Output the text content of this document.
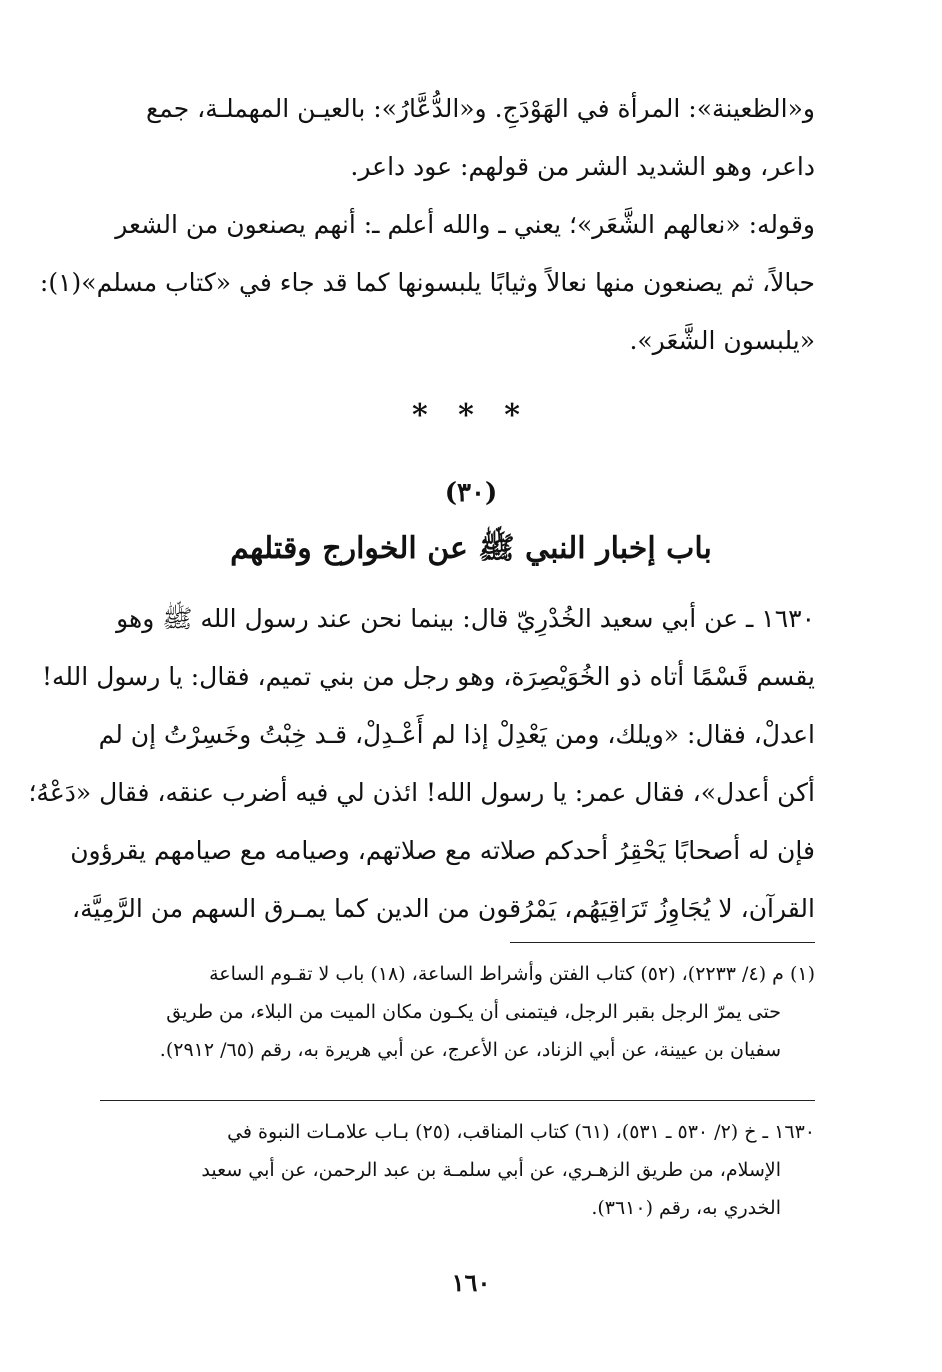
و«الظعينة»: المرأة في الهَوْدَجِ. و«الدُّعَّارُ»: بالعيـن المهملـة، جمع
داعر، وهو الشديد الشر من قولهم: عود داعر.
وقوله: «نعالهم الشَّعَر»؛ يعني ـ والله أعلم ـ: أنهم يصنعون من الشعر
حبالاً، ثم يصنعون منها نعالاً وثيابًا يلبسونها كما قد جاء في «كتاب مسلم»(١):
«يلبسون الشَّعَر».
* * *
(٣٠)
باب إخبار النبي ﷺ عن الخوارج وقتلهم
١٦٣٠ ـ عن أبي سعيد الخُدْرِيّ قال: بينما نحن عند رسول الله ﷺ وهو
يقسم قَسْمًا أتاه ذو الخُوَيْصِرَة، وهو رجل من بني تميم، فقال: يا رسول الله!
اعدلْ، فقال: «ويلك، ومن يَعْدِلْ إذا لم أَعْـدِلْ، قـد خِبْتُ وخَسِرْتُ إن لم
أكن أعدل»، فقال عمر: يا رسول الله! ائذن لي فيه أضرب عنقه، فقال «دَعْهُ؛
فإن له أصحابًا يَحْقِرُ أحدكم صلاته مع صلاتهم، وصيامه مع صيامهم يقرؤون
القرآن، لا يُجَاوِزُ تَرَاقِيَهُم، يَمْرُقون من الدين كما يمـرق السهم من الرَّمِيَّة،
(١) م (٤/ ٢٢٣٣)، (٥٢) كتاب الفتن وأشراط الساعة، (١٨) باب لا تقـوم الساعة
حتى يمرّ الرجل بقبر الرجل، فيتمنى أن يكـون مكان الميت من البلاء، من طريق
سفيان بن عيينة، عن أبي الزناد، عن الأعرج، عن أبي هريرة به، رقم (٦٥/ ٢٩١٢).
١٦٣٠ ـ خ (٢/ ٥٣٠ ـ ٥٣١)، (٦١) كتاب المناقب، (٢٥) بـاب علامـات النبوة في
الإسلام، من طريق الزهـري، عن أبي سلمـة بن عبد الرحمن، عن أبي سعيد
الخدري به، رقم (٣٦١٠).
١٦٠
